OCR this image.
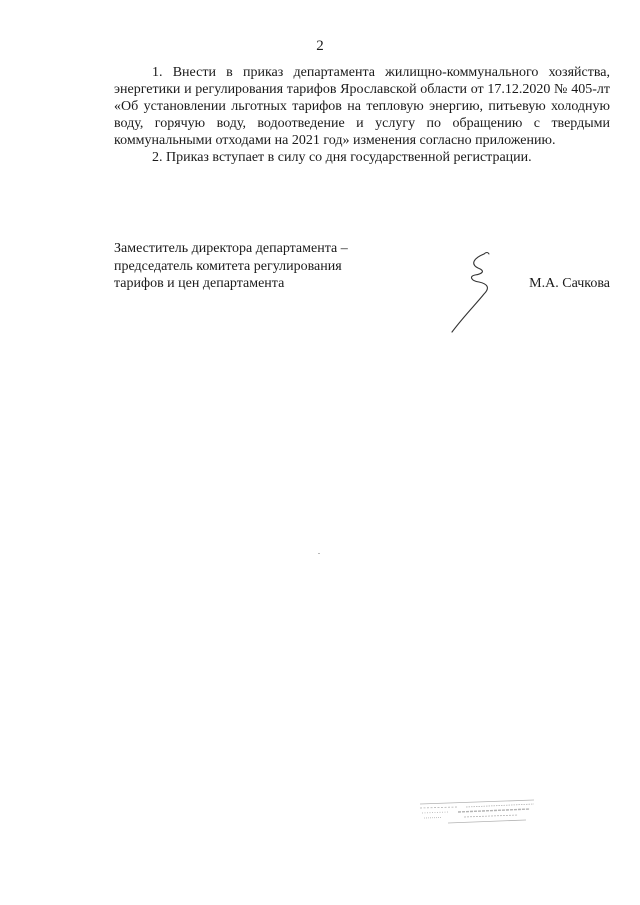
2

1. Внести в приказ департамента жилищно-коммунального хозяйства, энергетики и регулирования тарифов Ярославской области от 17.12.2020 № 405-лт «Об установлении льготных тарифов на тепловую энергию, питьевую холодную воду, горячую воду, водоотведение и услугу по обращению с твердыми коммунальными отходами на 2021 год» изменения согласно приложению.

2. Приказ вступает в силу со дня государственной регистрации.

Заместитель директора департамента –
председатель комитета регулирования
тарифов и цен департамента	М.А. Сачкова
